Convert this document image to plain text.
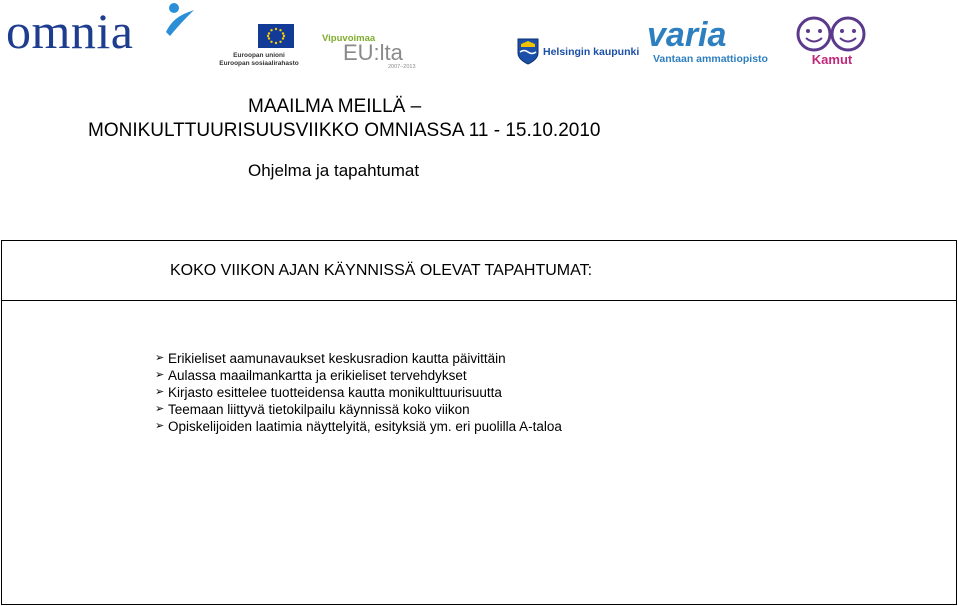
omnia	Euroopan unioni
Euroopan sosiaalirahasto
Vipuvoimaa
EU:lta
2007–2013
Helsingin kaupunki varia
Vantaan ammattiopisto	Kamut
MAAILMA MEILLÄ –
MONIKULTTUURISUUSVIIKKO OMNIASSA 11 - 15.10.2010
Ohjelma ja tapahtumat
KOKO VIIKON AJAN KÄYNNISSÄ OLEVAT TAPAHTUMAT:
➢ Erikieliset aamunavaukset keskusradion kautta päivittäin
➢ Aulassa maailmankartta ja erikieliset tervehdykset
➢ Kirjasto esittelee tuotteidensa kautta monikulttuurisuutta
➢ Teemaan liittyvä tietokilpailu käynnissä koko viikon
➢ Opiskelijoiden laatimia näyttelyitä, esityksiä ym. eri puolilla A-taloa
